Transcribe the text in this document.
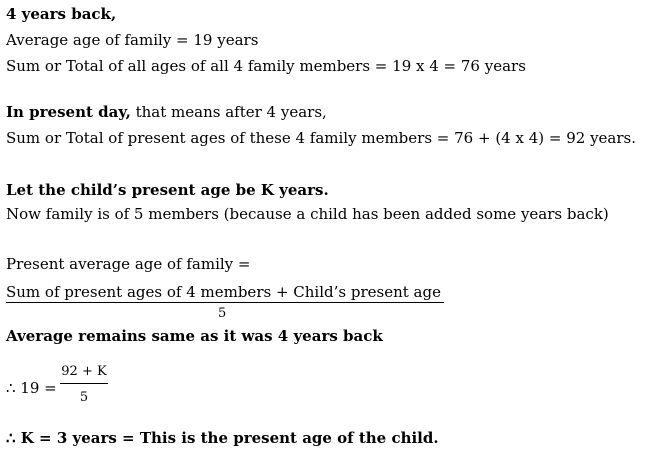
4 years back,
Average age of family = 19 years
Sum or Total of all ages of all 4 family members = 19 x 4 = 76 years
In present day, that means after 4 years,
Sum or Total of present ages of these 4 family members = 76 + (4 x 4) = 92 years.
Let the child’s present age be K years.
Now family is of 5 members (because a child has been added some years back)
Present average age of family =
Sum of present ages of 4 members + Child’s present age
5
Average remains same as it was 4 years back
∴ $19 = \frac{92 + K}{5}$
∴ K = 3 years = This is the present age of the child.
